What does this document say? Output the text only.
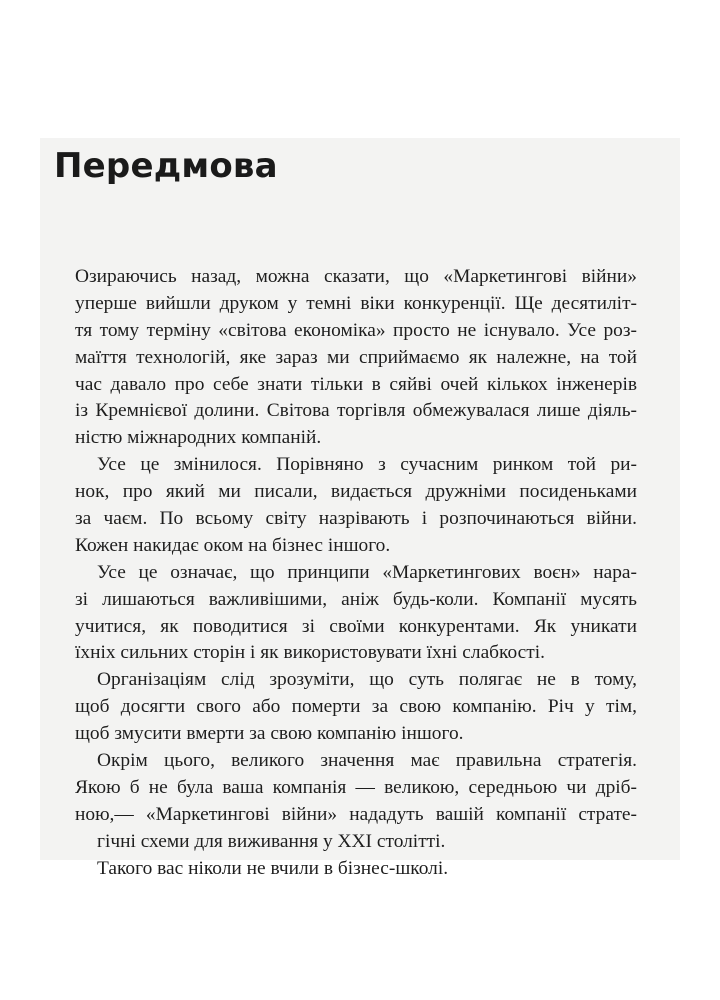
Передмова
Озираючись назад, можна сказати, що «Маркетингові війни»
уперше вийшли друком у темні віки конкуренції. Ще десятиліт-
тя тому терміну «світова економіка» просто не існувало. Усе роз-
маїття технологій, яке зараз ми сприймаємо як належне, на той
час давало про себе знати тільки в сяйві очей кількох інженерів
із Кремнієвої долини. Світова торгівля обмежувалася лише діяль-
ністю міжнародних компаній.
Усе це змінилося. Порівняно з сучасним ринком той ри-
нок, про який ми писали, видається дружніми посиденьками
за чаєм. По всьому світу назрівають і розпочинаються війни.
Кожен накидає оком на бізнес іншого.
Усе це означає, що принципи «Маркетингових воєн» нара-
зі лишаються важливішими, аніж будь-коли. Компанії мусять
учитися, як поводитися зі своїми конкурентами. Як уникати
їхніх сильних сторін і як використовувати їхні слабкості.
Організаціям слід зрозуміти, що суть полягає не в тому,
щоб досягти свого або померти за свою компанію. Річ у тім,
щоб змусити вмерти за свою компанію іншого.
Окрім цього, великого значення має правильна стратегія.
Якою б не була ваша компанія — великою, середньою чи дріб-
ною,— «Маркетингові війни» нададуть вашій компанії страте-
гічні схеми для виживання у XXI столітті.
Такого вас ніколи не вчили в бізнес-школі.
